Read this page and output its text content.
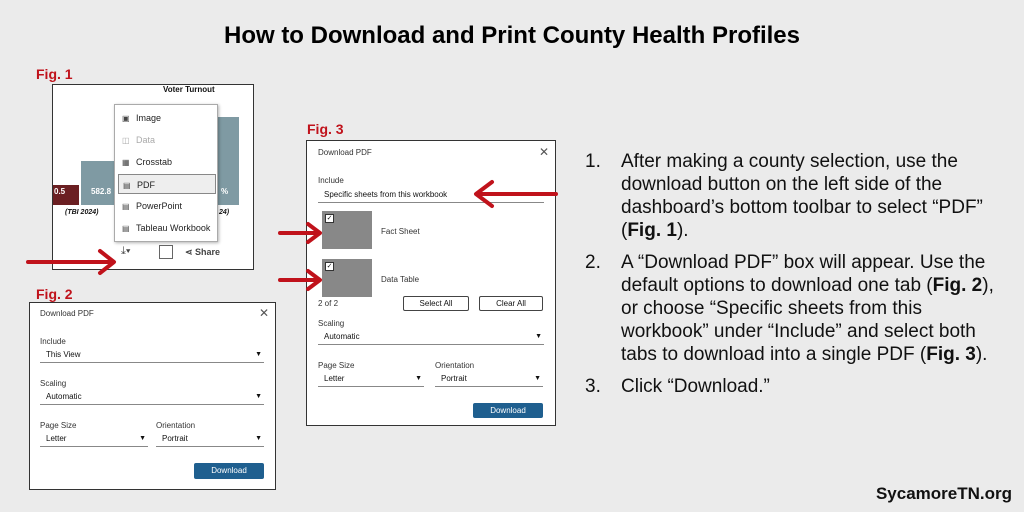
How to Download and Print County Health Profiles
Fig. 1
Voter Turnout
0.5	582.8	%
(TBI 2024)	24)
⤓▾	⋖ Share
▣ Image
◫ Data
▦ Crosstab
▤ PDF
▤ PowerPoint
▤ Tableau Workbook
Fig. 2
Download PDF	✕
Include
This View	▼
Scaling
Automatic	▼
Page Size
Letter	▼
Orientation
Portrait	▼
Download
Fig. 3
Download PDF	✕
Include
Specific sheets from this workbook
✓
Fact Sheet
✓
Data Table
2 of 2	Select All	Clear All
Scaling
Automatic	▼
Page Size
Letter	▼
Orientation
Portrait	▼
Download
1. After making a county selection, use the download button on the left side of the dashboard’s bottom toolbar to select “PDF” (Fig. 1).
2. A “Download PDF” box will appear. Use the default options to download one tab (Fig. 2), or choose “Specific sheets from this workbook” under “Include” and select both tabs to download into a single PDF (Fig. 3).
3. Click “Download.”
SycamoreTN.org
